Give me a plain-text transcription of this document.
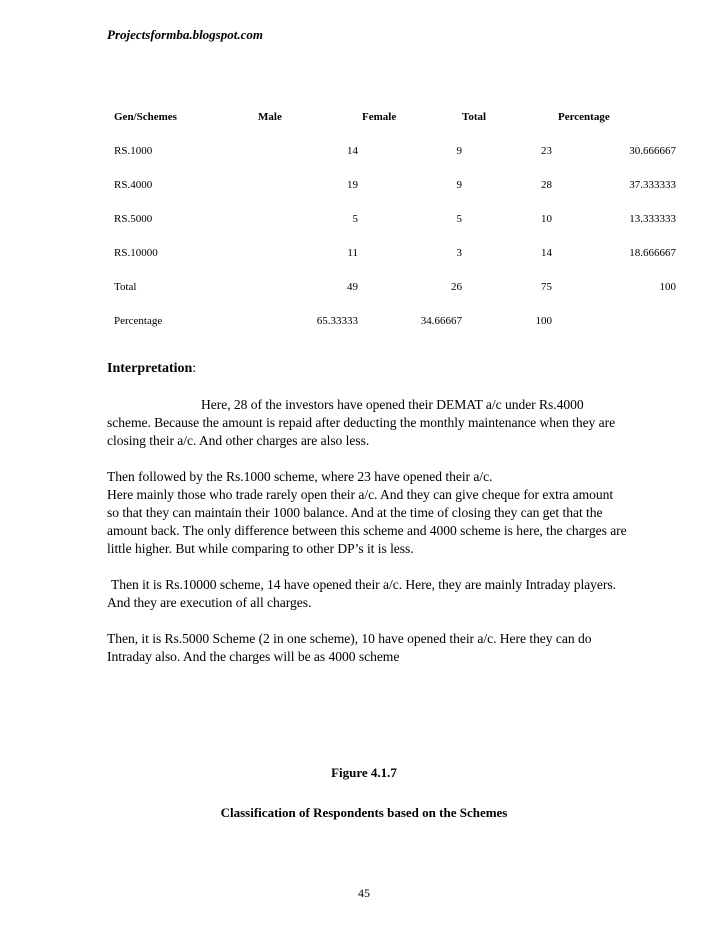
Projectsformba.blogspot.com
Gen/Schemes	Male	Female	Total	Percentage
RS.1000	14	9	23	30.666667
RS.4000	19	9	28	37.333333
RS.5000	5	5	10	13.333333
RS.10000	11	3	14	18.666667
Total	49	26	75	100
Percentage	65.33333	34.66667	100	
Interpretation:

Here, 28 of the investors have opened their DEMAT a/c under Rs.4000 scheme. Because the amount is repaid after deducting the monthly maintenance when they are closing their a/c. And other charges are also less.

Then followed by the Rs.1000 scheme, where 23 have opened their a/c.

Here mainly those who trade rarely open their a/c. And they can give cheque for extra amount so that they can maintain their 1000 balance. And at the time of closing they can get that the amount back. The only difference between this scheme and 4000 scheme is here, the charges are little higher. But while comparing to other DP’s it is less.

Then it is Rs.10000 scheme, 14 have opened their a/c. Here, they are mainly Intraday players. And they are execution of all charges.

Then, it is Rs.5000 Scheme (2 in one scheme), 10 have opened their a/c. Here they can do Intraday also. And the charges will be as 4000 scheme

Figure 4.1.7
Classification of Respondents based on the Schemes
45
